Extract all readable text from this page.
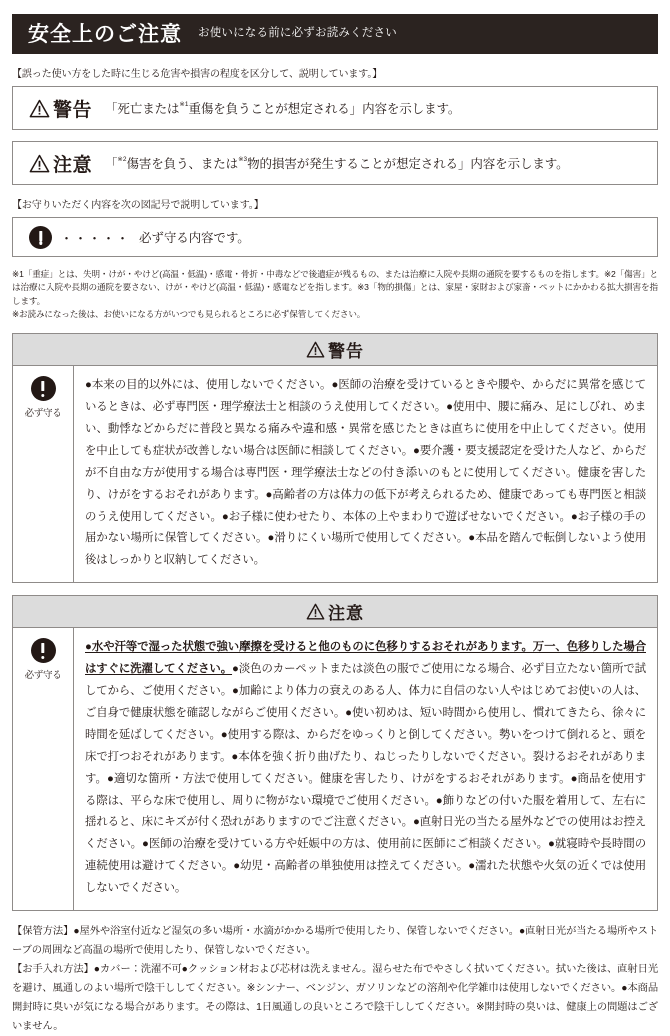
安全上のご注意 お使いになる前に必ずお読みください
【誤った使い方をした時に生じる危害や損害の程度を区分して、説明しています。】
警告 「死亡または$^{※1}$重傷を負うことが想定される」内容を示します。
注意 「$^{※2}$傷害を負う、または$^{※3}$物的損害が発生することが想定される」内容を示します。
【お守りいただく内容を次の図記号で説明しています。】
・・・・・ 必ず守る内容です。

※1「重症」とは、失明・けが・やけど(高温・低温)・感電・骨折・中毒などで後遺症が残るもの、または治療に入院や長期の通院を要するものを指します。※2「傷害」とは治療に入院や長期の通院を要さない、けが・やけど(高温・低温)・感電などを指します。※3「物的損傷」とは、家屋・家財および家畜・ペットにかかわる拡大損害を指します。

※お読みになった後は、お使いになる方がいつでも見られるところに必ず保管してください。

警告
必ず守る

●本来の目的以外には、使用しないでください。●医師の治療を受けているときや腰や、からだに異常を感じているときは、必ず専門医・理学療法士と相談のうえ使用してください。●使用中、腰に痛み、足にしびれ、めまい、動悸などからだに普段と異なる痛みや違和感・異常を感じたときは直ちに使用を中止してください。使用を中止しても症状が改善しない場合は医師に相談してください。●要介護・要支援認定を受けた人など、からだが不自由な方が使用する場合は専門医・理学療法士などの付き添いのもとに使用してください。健康を害したり、けがをするおそれがあります。●高齢者の方は体力の低下が考えられるため、健康であっても専門医と相談のうえ使用してください。●お子様に使わせたり、本体の上やまわりで遊ばせないでください。●お子様の手の届かない場所に保管してください。●滑りにくい場所で使用してください。●本品を踏んで転倒しないよう使用後はしっかりと収納してください。

注意
必ず守る

●水や汗等で湿った状態で強い摩擦を受けると他のものに色移りするおそれがあります。万一、色移りした場合はすぐに洗濯してください。●淡色のカーペットまたは淡色の服でご使用になる場合、必ず目立たない箇所で試してから、ご使用ください。●加齢により体力の衰えのある人、体力に自信のない人やはじめてお使いの人は、ご自身で健康状態を確認しながらご使用ください。●使い初めは、短い時間から使用し、慣れてきたら、徐々に時間を延ばしてください。●使用する際は、からだをゆっくりと倒してください。勢いをつけて倒れると、頭を床で打つおそれがあります。●本体を強く折り曲げたり、ねじったりしないでください。裂けるおそれがあります。●適切な箇所・方法で使用してください。健康を害したり、けがをするおそれがあります。●商品を使用する際は、平らな床で使用し、周りに物がない環境でご使用ください。●飾りなどの付いた服を着用して、左右に揺れると、床にキズが付く恐れがありますのでご注意ください。●直射日光の当たる屋外などでの使用はお控えください。●医師の治療を受けている方や妊娠中の方は、使用前に医師にご相談ください。●就寝時や長時間の連続使用は避けてください。●幼児・高齢者の単独使用は控えてください。●濡れた状態や火気の近くでは使用しないでください。

【保管方法】●屋外や浴室付近など湿気の多い場所・水滴がかかる場所で使用したり、保管しないでください。●直射日光が当たる場所やストーブの周囲など高温の場所で使用したり、保管しないでください。

【お手入れ方法】●カバー：洗濯不可●クッション材および芯材は洗えません。湿らせた布でやさしく拭いてください。拭いた後は、直射日光を避け、風通しのよい場所で陰干ししてください。※シンナー、ベンジン、ガソリンなどの溶剤や化学雑巾は使用しないでください。●本商品開封時に臭いが気になる場合があります。その際は、1日風通しの良いところで陰干ししてください。※開封時の臭いは、健康上の問題はございません。
